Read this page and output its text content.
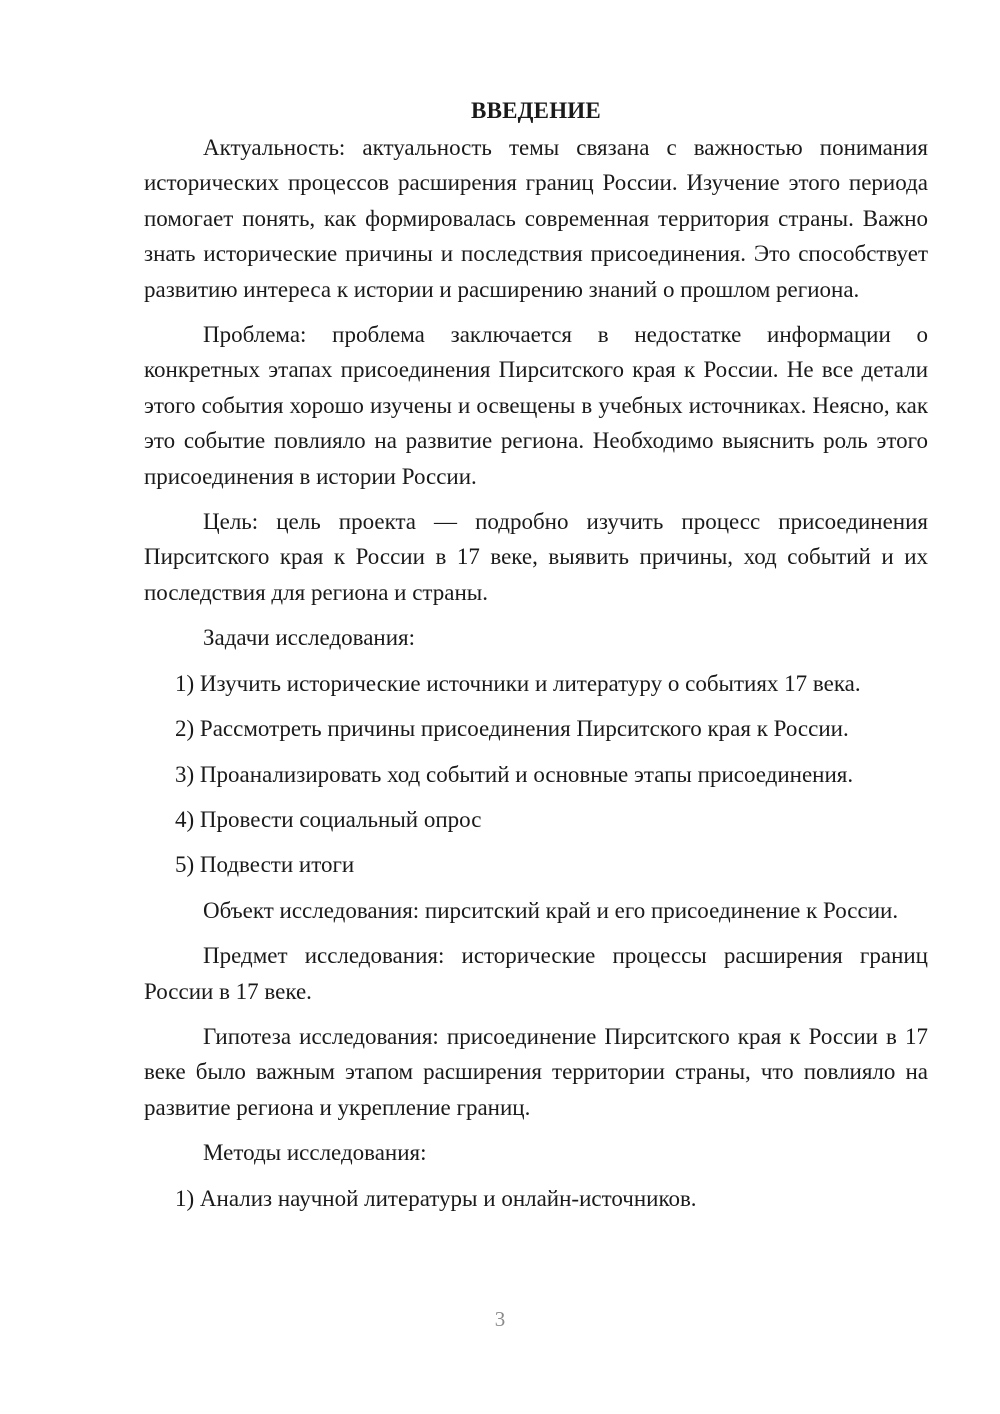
ВВЕДЕНИЕ

Актуальность: актуальность темы связана с важностью понимания исторических процессов расширения границ России. Изучение этого периода помогает понять, как формировалась современная территория страны. Важно знать исторические причины и последствия присоединения. Это способствует развитию интереса к истории и расширению знаний о прошлом региона.

Проблема: проблема заключается в недостатке информации о конкретных этапах присоединения Пирситского края к России. Не все детали этого события хорошо изучены и освещены в учебных источниках. Неясно, как это событие повлияло на развитие региона. Необходимо выяснить роль этого присоединения в истории России.

Цель: цель проекта — подробно изучить процесс присоединения Пирситского края к России в 17 веке, выявить причины, ход событий и их последствия для региона и страны.

Задачи исследования:

1) Изучить исторические источники и литературу о событиях 17 века.

2) Рассмотреть причины присоединения Пирситского края к России.

3) Проанализировать ход событий и основные этапы присоединения.

4) Провести социальный опрос

5) Подвести итоги

Объект исследования: пирситский край и его присоединение к России.

Предмет исследования: исторические процессы расширения границ России в 17 веке.

Гипотеза исследования: присоединение Пирситского края к России в 17 веке было важным этапом расширения территории страны, что повлияло на развитие региона и укрепление границ.

Методы исследования:

1) Анализ научной литературы и онлайн-источников.

3
